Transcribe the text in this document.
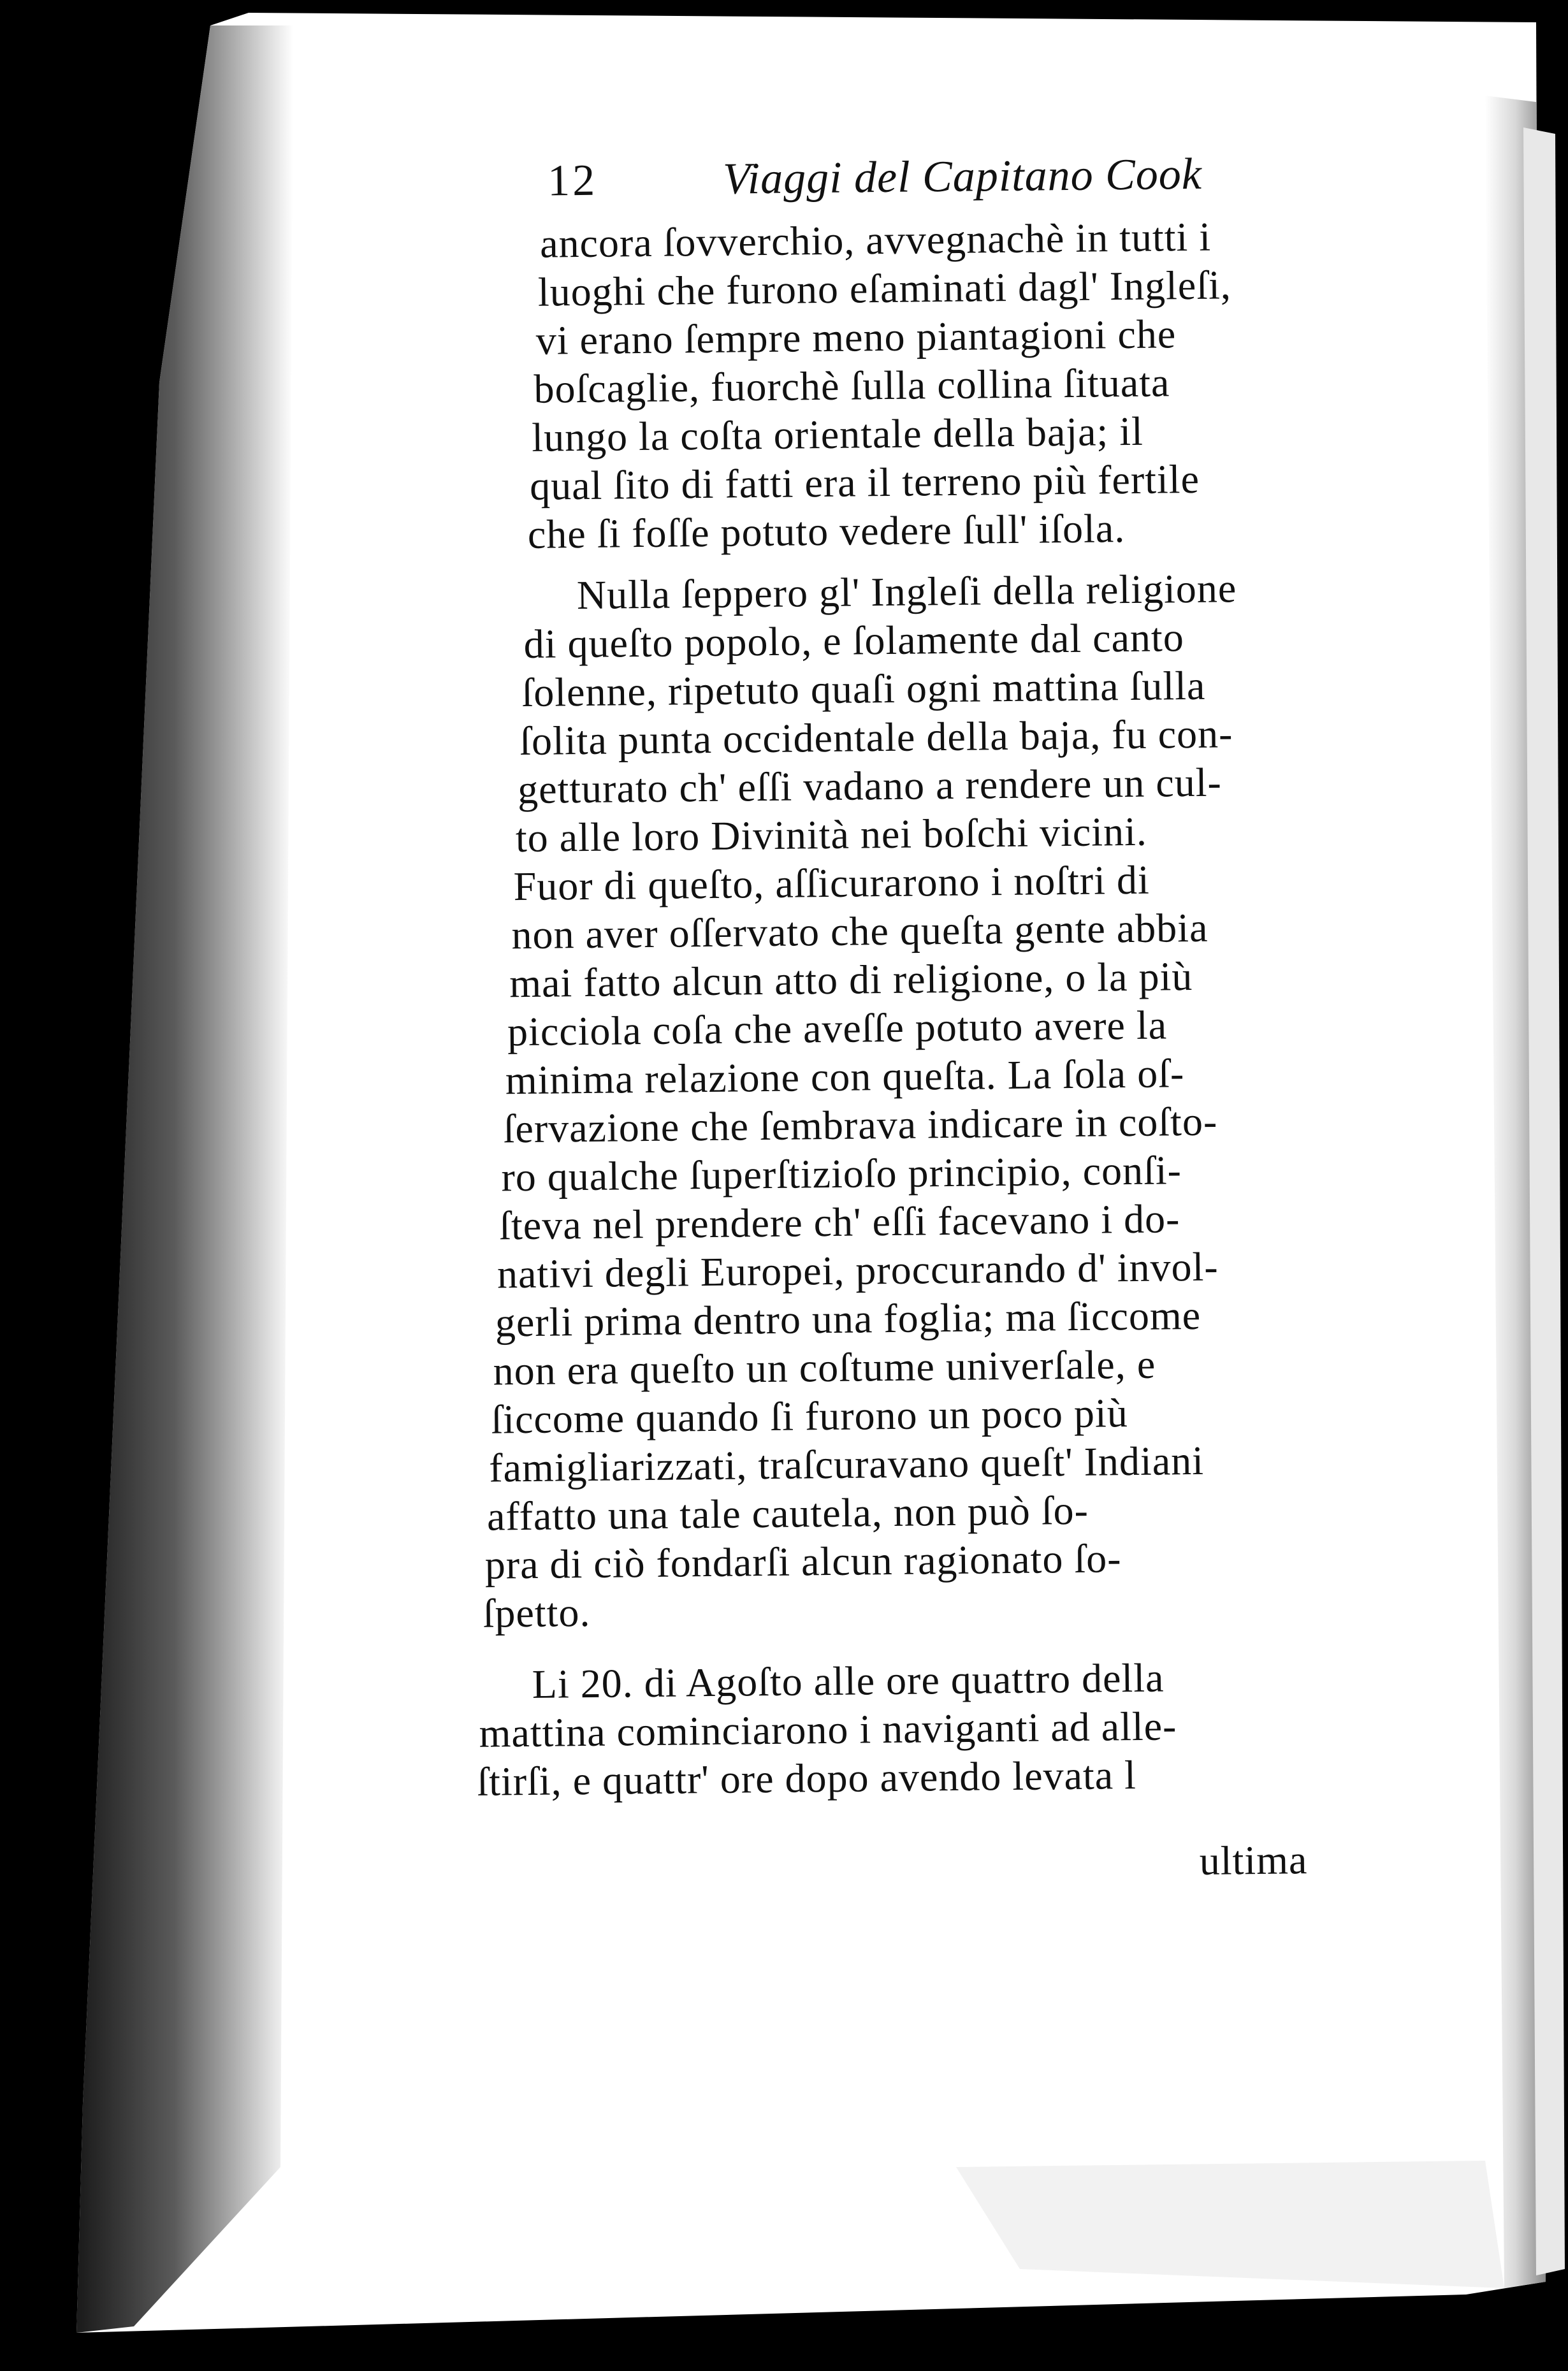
12	Viaggi del Capitano Cook

ancora ſovverchio, avvegnachè in tutti i

luoghi che furono eſaminati dagl' Ingleſi,

vi erano ſempre meno piantagioni che

boſcaglie, fuorchè ſulla collina ſituata

lungo la coſta orientale della baja; il

qual ſito di fatti era il terreno più fertile

che ſi foſſe potuto vedere ſull' iſola.

Nulla ſeppero gl' Ingleſi della religione

di queſto popolo, e ſolamente dal canto

ſolenne, ripetuto quaſi ogni mattina ſulla

ſolita punta occidentale della baja, fu con-

getturato ch' eſſi vadano a rendere un cul-

to alle loro Divinità nei boſchi vicini.

Fuor di queſto, aſſicurarono i noſtri di

non aver oſſervato che queſta gente abbia

mai fatto alcun atto di religione, o la più

picciola coſa che aveſſe potuto avere la

minima relazione con queſta. La ſola oſ-

ſervazione che ſembrava indicare in coſto-

ro qualche ſuperſtizioſo principio, conſi-

ſteva nel prendere ch' eſſi facevano i do-

nativi degli Europei, proccurando d' invol-

gerli prima dentro una foglia; ma ſiccome

non era queſto un coſtume univerſale, e

ſiccome quando ſi furono un poco più

famigliarizzati, traſcuravano queſt' Indiani

affatto una tale cautela, non può ſo-

pra di ciò fondarſi alcun ragionato ſo-

ſpetto.

Li 20. di Agoſto alle ore quattro della

mattina cominciarono i naviganti ad alle-

ſtirſi, e quattr' ore dopo avendo levata l

ultima
